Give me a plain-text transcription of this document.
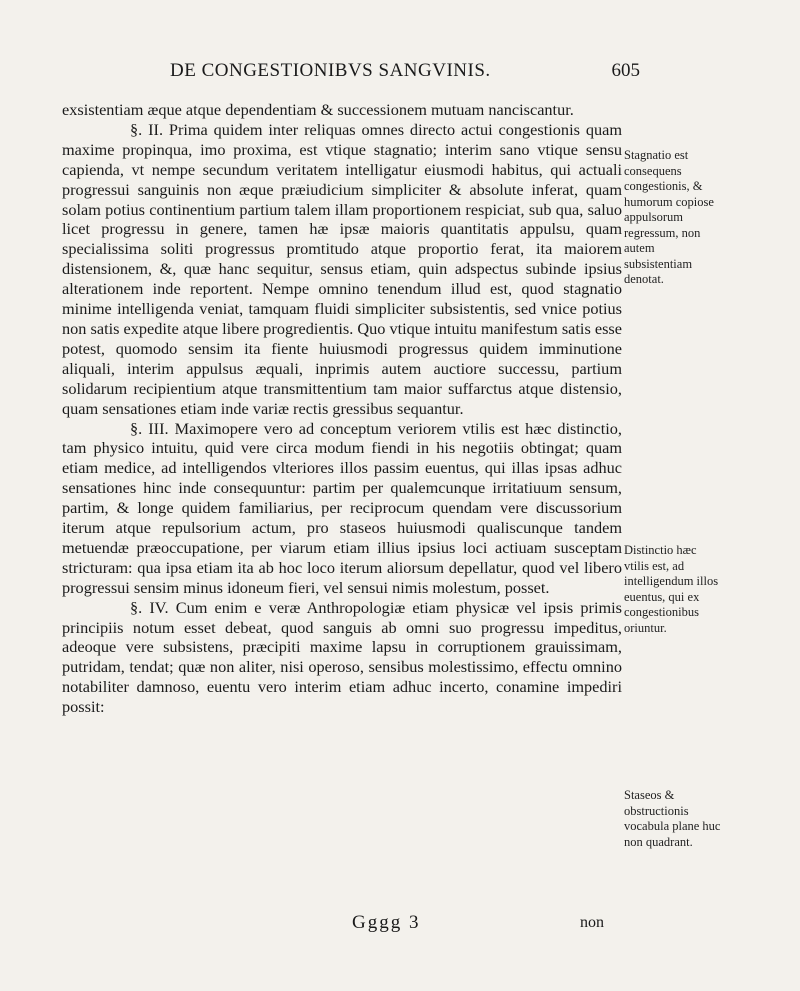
DE CONGESTIONIBVS SANGVINIS.	605

exsistentiam æque atque dependentiam & successionem mutuam nanciscantur.

§. II. Prima quidem inter reliquas omnes directo actui congestionis quam maxime propinqua, imo proxima, est vtique stagnatio; interim sano vtique sensu capienda, vt nempe secundum veritatem intelligatur eiusmodi habitus, qui actuali progressui sanguinis non æque præiudicium simpliciter & absolute inferat, quam solam potius continentium partium talem illam proportionem respiciat, sub qua, saluo licet progressu in genere, tamen hæ ipsæ maioris quantitatis appulsu, quam specialissima soliti progressus promtitudo atque proportio ferat, ita maiorem distensionem, &, quæ hanc sequitur, sensus etiam, quin adspectus subinde ipsius alterationem inde reportent. Nempe omnino tenendum illud est, quod stagnatio minime intelligenda veniat, tamquam fluidi simpliciter subsistentis, sed vnice potius non satis expedite atque libere progredientis. Quo vtique intuitu manifestum satis esse potest, quomodo sensim ita fiente huiusmodi progressus quidem imminutione aliquali, interim appulsus æquali, inprimis autem auctiore successu, partium solidarum recipientium atque transmittentium tam maior suffarctus atque distensio, quam sensationes etiam inde variæ rectis gressibus sequantur.

§. III. Maximopere vero ad conceptum veriorem vtilis est hæc distinctio, tam physico intuitu, quid vere circa modum fiendi in his negotiis obtingat; quam etiam medice, ad intelligendos vlteriores illos passim euentus, qui illas ipsas adhuc sensationes hinc inde consequuntur: partim per qualemcunque irritatiuum sensum, partim, & longe quidem familiarius, per reciprocum quendam vere discussorium iterum atque repulsorium actum, pro staseos huiusmodi qualiscunque tandem metuendæ præoccupatione, per viarum etiam illius ipsius loci actiuam susceptam stricturam: qua ipsa etiam ita ab hoc loco iterum aliorsum depellatur, quod vel libero progressui sensim minus idoneum fieri, vel sensui nimis molestum, posset.

§. IV. Cum enim e veræ Anthropologiæ etiam physicæ vel ipsis primis principiis notum esset debeat, quod sanguis ab omni suo progressu impeditus, adeoque vere subsistens, præcipiti maxime lapsu in corruptionem grauissimam, putridam, tendat; quæ non aliter, nisi operoso, sensibus molestissimo, effectu omnino notabiliter damnoso, euentu vero interim etiam adhuc incerto, conamine impediri possit:

Stagnatio est consequens congestionis, & humorum copiose appulsorum regressum, non autem subsistentiam denotat.
Distinctio hæc vtilis est, ad intelligendum illos euentus, qui ex congestionibus oriuntur.
Staseos & obstructionis vocabula plane huc non quadrant.
Gggg 3	non
